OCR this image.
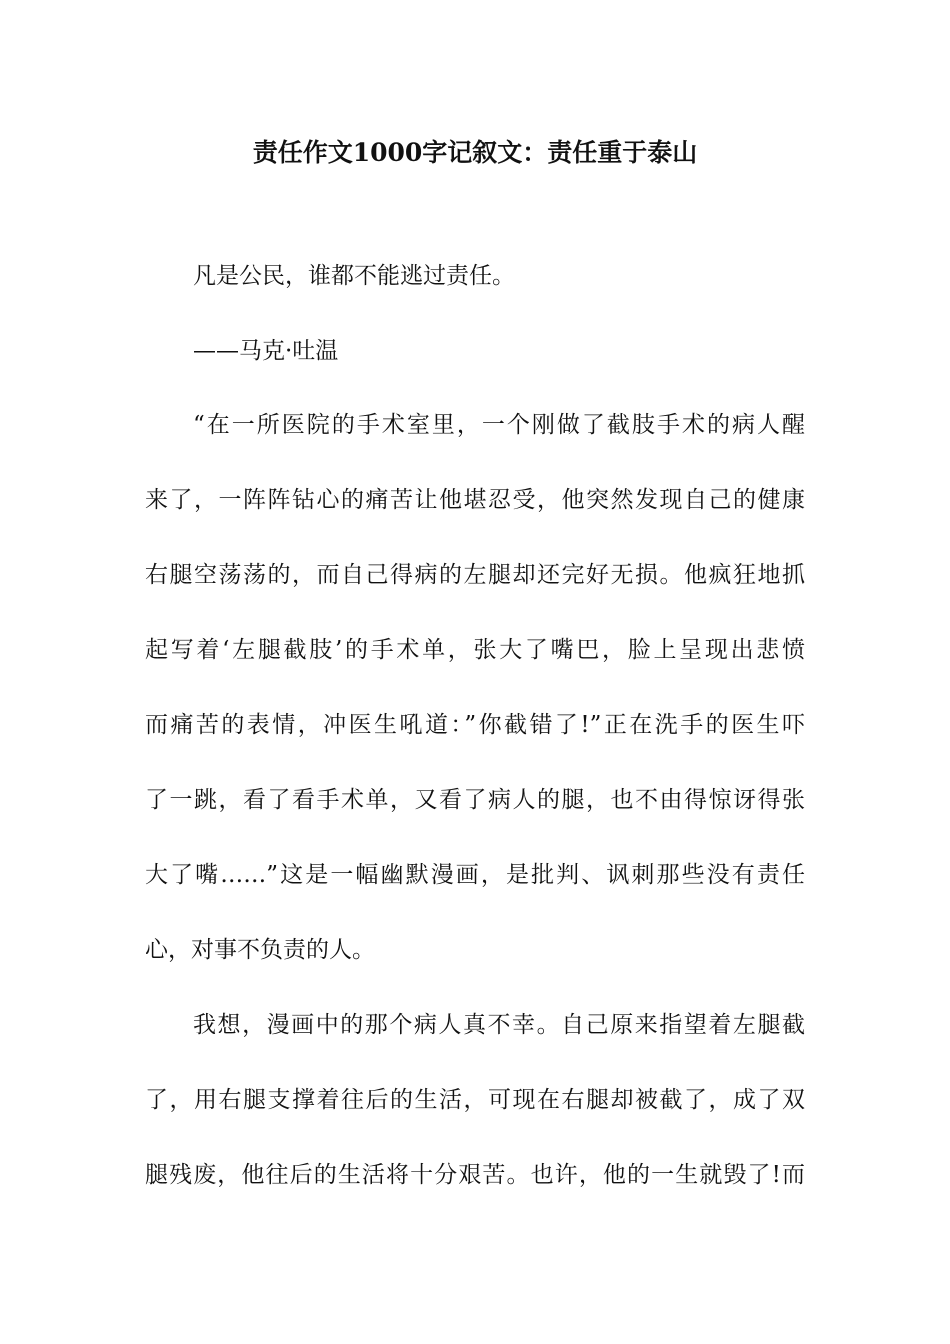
责任作文1000字记叙文：责任重于泰山

凡是公民，谁都不能逃过责任。

——马克·吐温

“在一所医院的手术室里，一个刚做了截肢手术的病人醒

来了，一阵阵钻心的痛苦让他堪忍受，他突然发现自己的健康

右腿空荡荡的，而自己得病的左腿却还完好无损。他疯狂地抓

起写着‘左腿截肢’的手术单，张大了嘴巴，脸上呈现出悲愤

而痛苦的表情，冲医生吼道：”你截错了!”正在洗手的医生吓

了一跳，看了看手术单，又看了病人的腿，也不由得惊讶得张

大了嘴……”这是一幅幽默漫画，是批判、讽刺那些没有责任

心，对事不负责的人。

我想，漫画中的那个病人真不幸。自己原来指望着左腿截

了，用右腿支撑着往后的生活，可现在右腿却被截了，成了双

腿残废，他往后的生活将十分艰苦。也许，他的一生就毁了!而
